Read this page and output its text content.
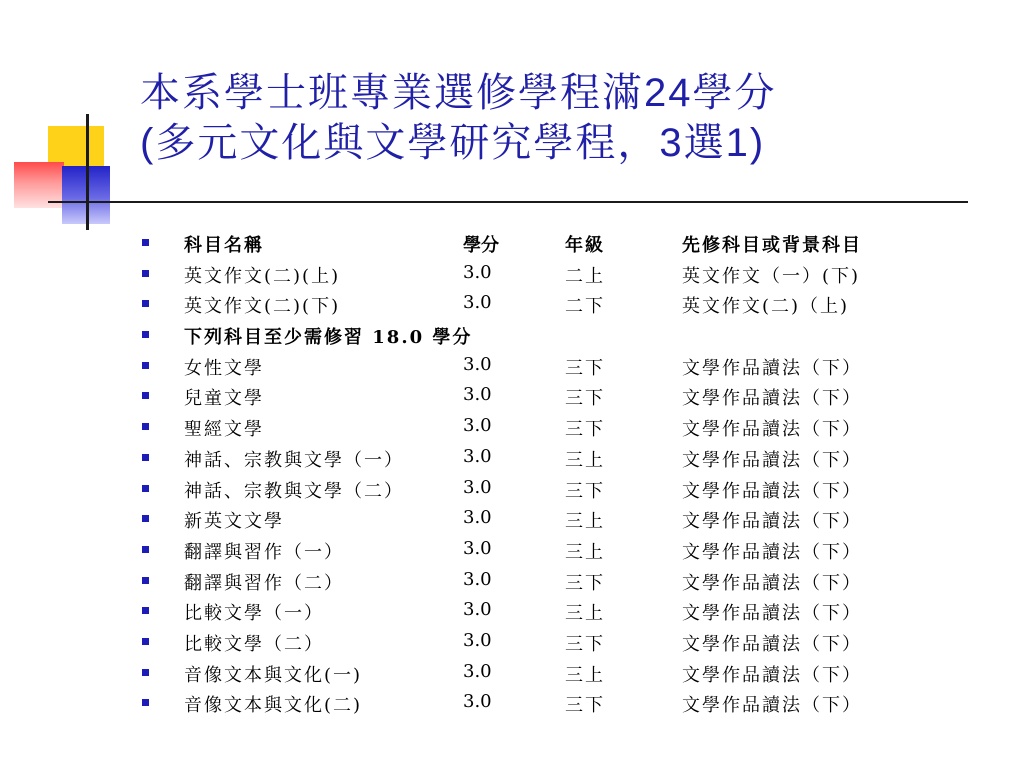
本系學士班專業選修學程滿24學分
(多元文化與文學研究學程，3選1)
科目名稱	學分	年級	先修科目或背景科目
英文作文(二)(上)	3.0	二上	英文作文（一）(下)
英文作文(二)(下)	3.0	二下	英文作文(二)（上)
下列科目至少需修習 18.0 學分
女性文學	3.0	三下	文學作品讀法（下）
兒童文學	3.0	三下	文學作品讀法（下）
聖經文學	3.0	三下	文學作品讀法（下）
神話、宗教與文學（一）	3.0	三上	文學作品讀法（下）
神話、宗教與文學（二）	3.0	三下	文學作品讀法（下）
新英文文學	3.0	三上	文學作品讀法（下）
翻譯與習作（一）	3.0	三上	文學作品讀法（下）
翻譯與習作（二）	3.0	三下	文學作品讀法（下）
比較文學（一）	3.0	三上	文學作品讀法（下）
比較文學（二）	3.0	三下	文學作品讀法（下）
音像文本與文化(一)	3.0	三上	文學作品讀法（下）
音像文本與文化(二)	3.0	三下	文學作品讀法（下）
